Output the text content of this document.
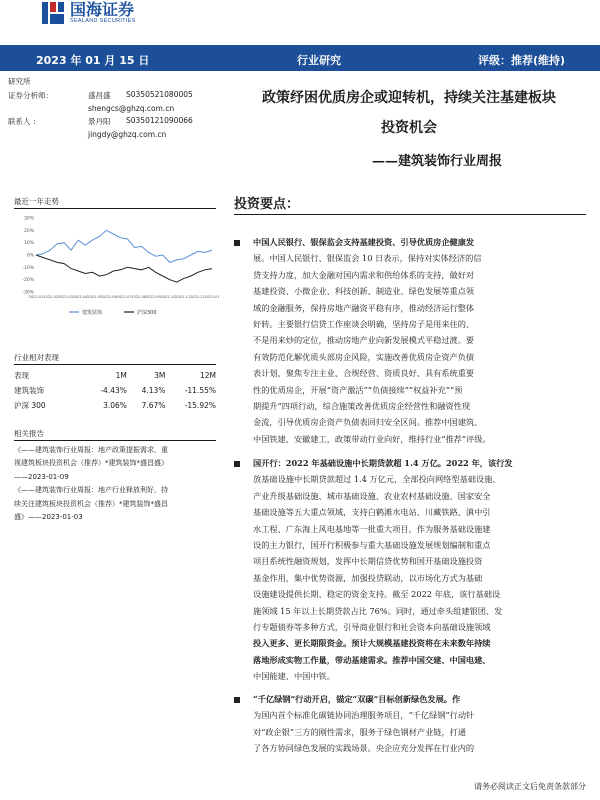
国海证券
SEALAND SECURITIES
2023 年 01 月 15 日	行业研究	评级：推荐(维持)
研究所
证券分析师：	盛昌盛	S0350521080005
shengcs@ghzq.com.cn
联系人 ：	景丹阳	S0350121090066
jingdy@ghzq.com.cn
政策纾困优质房企或迎转机，持续关注基建板块
投资机会
——建筑装饰行业周报
最近一年走势
30%
20%
10%
0%
-10%
-20%
-30%
2022-01 2022-02 2022-03 2022-04 2022-05 2022-06 2022-07 2022-08 2022-09 2022-10 2022-11 2022-12 2023-01
建筑装饰	沪深300
行业相对表现
表现	1M	3M	12M
建筑装饰	-4.43%	4.13%	-11.55%
沪深 300	3.06%	7.67%	-15.92%
相关报告
《——建筑装饰行业周报：地产政策提振需求，重
视建筑板块投资机会（推荐）*建筑装饰*盛昌盛》
——2023-01-09
《——建筑装饰行业周报：地产行业释放利好，持
续关注建筑板块投资机会（推荐）*建筑装饰*盛昌
盛》——2023-01-03
投资要点：
中国人民银行、银保监会支持基建投资、引导优质房企健康发
展。中国人民银行、银保监会 10 日表示，保持对实体经济的信
贷支持力度，加大金融对国内需求和供给体系的支持，做好对
基建投资、小微企业、科技创新、制造业、绿色发展等重点领
域的金融服务，保持房地产融资平稳有序，推动经济运行整体
好转。主要银行信贷工作座谈会明确，坚持房子是用来住的、
不是用来炒的定位，推动房地产业向新发展模式平稳过渡。要
有效防范化解优质头部房企风险，实施改善优质房企资产负债
表计划，聚焦专注主业、合规经营、资质良好、具有系统重要
性的优质房企，开展“资产激活”“负债接续”“权益补充”“预
期提升”四项行动，综合施策改善优质房企经营性和融资性现
金流，引导优质房企资产负债表回归安全区间。推荐中国建筑、
中国铁建、安徽建工，政策带动行业向好，维持行业“推荐”评级。
国开行：2022 年基础设施中长期贷款超 1.4 万亿。2022 年，该行发
放基础设施中长期贷款超过 1.4 万亿元，全部投向网络型基础设施、
产业升级基础设施、城市基础设施、农业农村基础设施、国家安全
基础设施等五大重点领域，支持白鹤滩水电站、川藏铁路、滇中引
水工程、广东海上风电基地等一批重大项目，作为服务基础设施建
设的主力银行，国开行积极参与重大基础设施发展规划编制和重点
项目系统性融资规划，发挥中长期信贷优势和国开基础设施投资
基金作用，集中优势资源，加强投贷联动，以市场化方式为基础
设施建设提供长期、稳定的资金支持。截至 2022 年底，该行基础设
施领域 15 年以上长期贷款占比 76%。同时，通过牵头组建银团、发
行专题债券等多种方式，引导商业银行和社会资本向基础设施领域
投入更多、更长期限资金。预计大规模基建投资将在未来数年持续
落地形成实物工作量，带动基建需求。推荐中国交建、中国电建、
中国能建、中国中铁。
“千亿绿钢”行动开启，锚定“双碳”目标创新绿色发展。作
为国内首个标准化碳链协同治理服务项目，“千亿绿钢”行动针
对“政企银”三方的刚性需求，服务于绿色钢材产业链，打通
了各方协同绿色发展的实践场景。央企应充分发挥在行业内的
请务必阅读正文后免责条款部分
